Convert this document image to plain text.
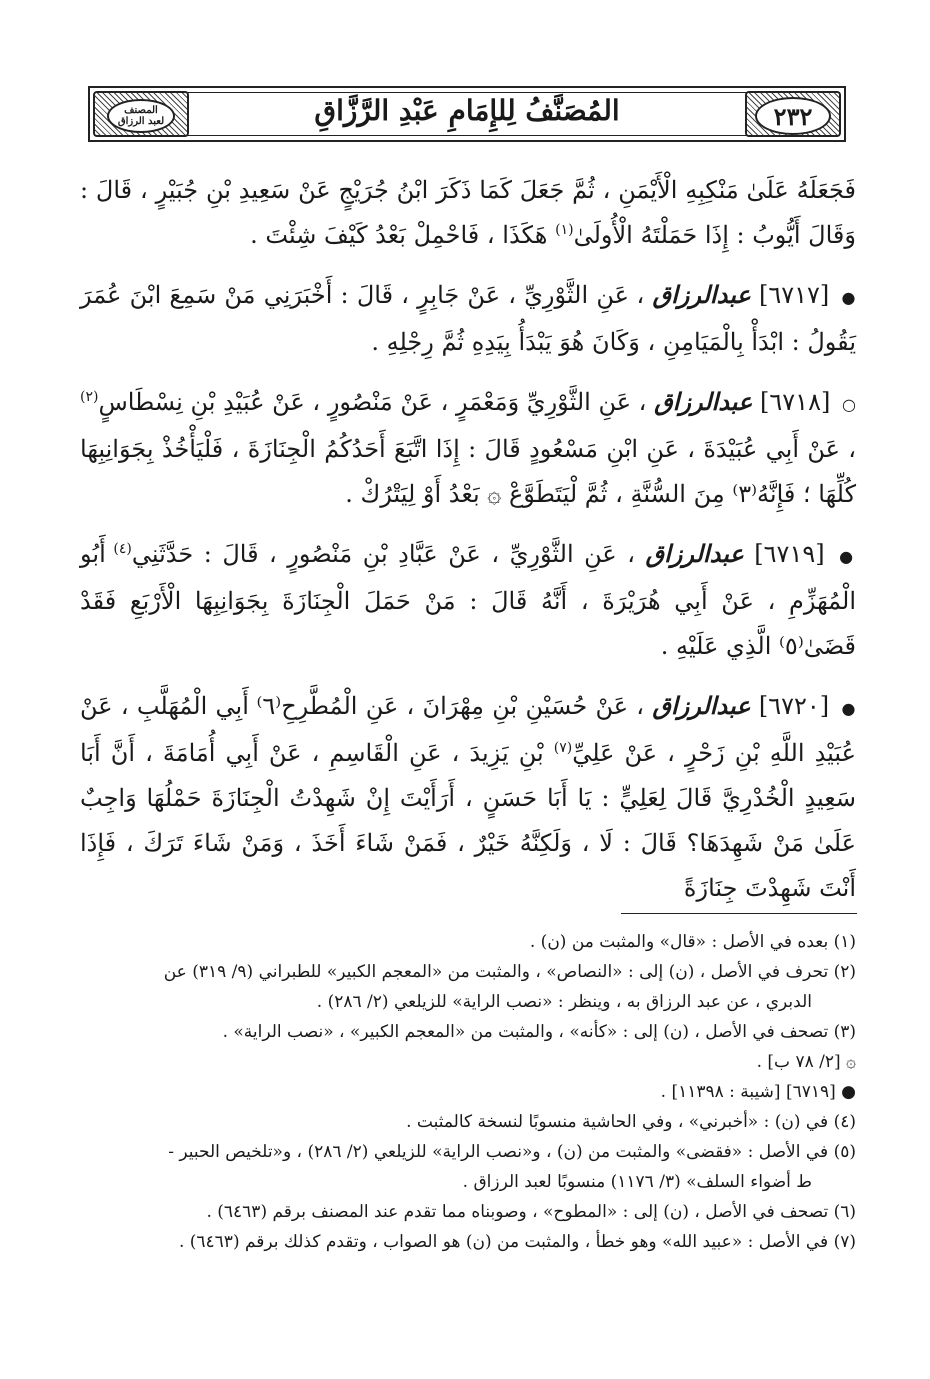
٢٣٢
المُصَنَّفُ لِلإِمَامِ عَبْدِ الرَّزَّاقِ
المصنف
لعبد الرزاق

فَجَعَلَهُ عَلَىٰ مَنْكِبِهِ الْأَيْمَنِ ، ثُمَّ جَعَلَ كَمَا ذَكَرَ ابْنُ جُرَيْجٍ عَنْ سَعِيدِ بْنِ جُبَيْرٍ ، قَالَ : وَقَالَ أَيُّوبُ : إِذَا حَمَلْتَهُ الْأُولَىٰ$^{(١)}$ هَكَذَا ، فَاحْمِلْ بَعْدُ كَيْفَ شِئْتَ .

● [٦٧١٧] عبدالرزاق ، عَنِ الثَّوْرِيِّ ، عَنْ جَابِرٍ ، قَالَ : أَخْبَرَنِي مَنْ سَمِعَ ابْنَ عُمَرَ يَقُولُ : ابْدَأْ بِالْمَيَامِنِ ، وَكَانَ هُوَ يَبْدَأُ بِيَدِهِ ثُمَّ رِجْلِهِ .

○ [٦٧١٨] عبدالرزاق ، عَنِ الثَّوْرِيِّ وَمَعْمَرٍ ، عَنْ مَنْصُورٍ ، عَنْ عُبَيْدِ بْنِ نِسْطَاسٍ$^{(٢)}$ ، عَنْ أَبِي عُبَيْدَةَ ، عَنِ ابْنِ مَسْعُودٍ قَالَ : إِذَا اتَّبَعَ أَحَدُكُمُ الْجِنَازَةَ ، فَلْيَأْخُذْ بِجَوَانِبِهَا كُلِّهَا ؛ فَإِنَّهُ⁽٣⁾ مِنَ السُّنَّةِ ، ثُمَّ لْيَتَطَوَّعْ ۞ بَعْدُ أَوْ لِيَتْرُكْ .

● [٦٧١٩] عبدالرزاق ، عَنِ الثَّوْرِيِّ ، عَنْ عَبَّادِ بْنِ مَنْصُورٍ ، قَالَ : حَدَّثَنِي$^{(٤)}$ أَبُو الْمُهَزِّمِ ، عَنْ أَبِي هُرَيْرَةَ ، أَنَّهُ قَالَ : مَنْ حَمَلَ الْجِنَازَةَ بِجَوَانِبِهَا الْأَرْبَعِ فَقَدْ قَضَىٰ⁽٥⁾ الَّذِي عَلَيْهِ .

● [٦٧٢٠] عبدالرزاق ، عَنْ حُسَيْنِ بْنِ مِهْرَانَ ، عَنِ الْمُطَّرِحِ⁽٦⁾ أَبِي الْمُهَلَّبِ ، عَنْ عُبَيْدِ اللَّهِ بْنِ زَحْرٍ ، عَنْ عَلِيِّ$^{(٧)}$ بْنِ يَزِيدَ ، عَنِ الْقَاسِمِ ، عَنْ أَبِي أُمَامَةَ ، أَنَّ أَبَا سَعِيدٍ الْخُدْرِيَّ قَالَ لِعَلِيٍّ : يَا أَبَا حَسَنٍ ، أَرَأَيْتَ إِنْ شَهِدْتُ الْجِنَازَةَ حَمْلُهَا وَاجِبٌ عَلَىٰ مَنْ شَهِدَهَا؟ قَالَ : لَا ، وَلَكِنَّهُ خَيْرٌ ، فَمَنْ شَاءَ أَخَذَ ، وَمَنْ شَاءَ تَرَكَ ، فَإِذَا أَنْتَ شَهِدْتَ جِنَازَةً

(١) بعده في الأصل : «قال» والمثبت من (ن) .

(٢) تحرف في الأصل ، (ن) إلى : «النصاص» ، والمثبت من «المعجم الكبير» للطبراني (٩/ ٣١٩) عن

الدبري ، عن عبد الرزاق به ، وينظر : «نصب الراية» للزيلعي (٢/ ٢٨٦) .

(٣) تصحف في الأصل ، (ن) إلى : «كأنه» ، والمثبت من «المعجم الكبير» ، «نصب الراية» .

۞ [٢/ ٧٨ ب] .

● [٦٧١٩] [شيبة : ١١٣٩٨] .

(٤) في (ن) : «أخبرني» ، وفي الحاشية منسوبًا لنسخة كالمثبت .

(٥) في الأصل : «فقضى» والمثبت من (ن) ، و«نصب الراية» للزيلعي (٢/ ٢٨٦) ، و«تلخيص الحبير -

ط أضواء السلف» (٣/ ١١٧٦) منسوبًا لعبد الرزاق .

(٦) تصحف في الأصل ، (ن) إلى : «المطوح» ، وصوبناه مما تقدم عند المصنف برقم (٦٤٦٣) .

(٧) في الأصل : «عبيد الله» وهو خطأ ، والمثبت من (ن) هو الصواب ، وتقدم كذلك برقم (٦٤٦٣) .
